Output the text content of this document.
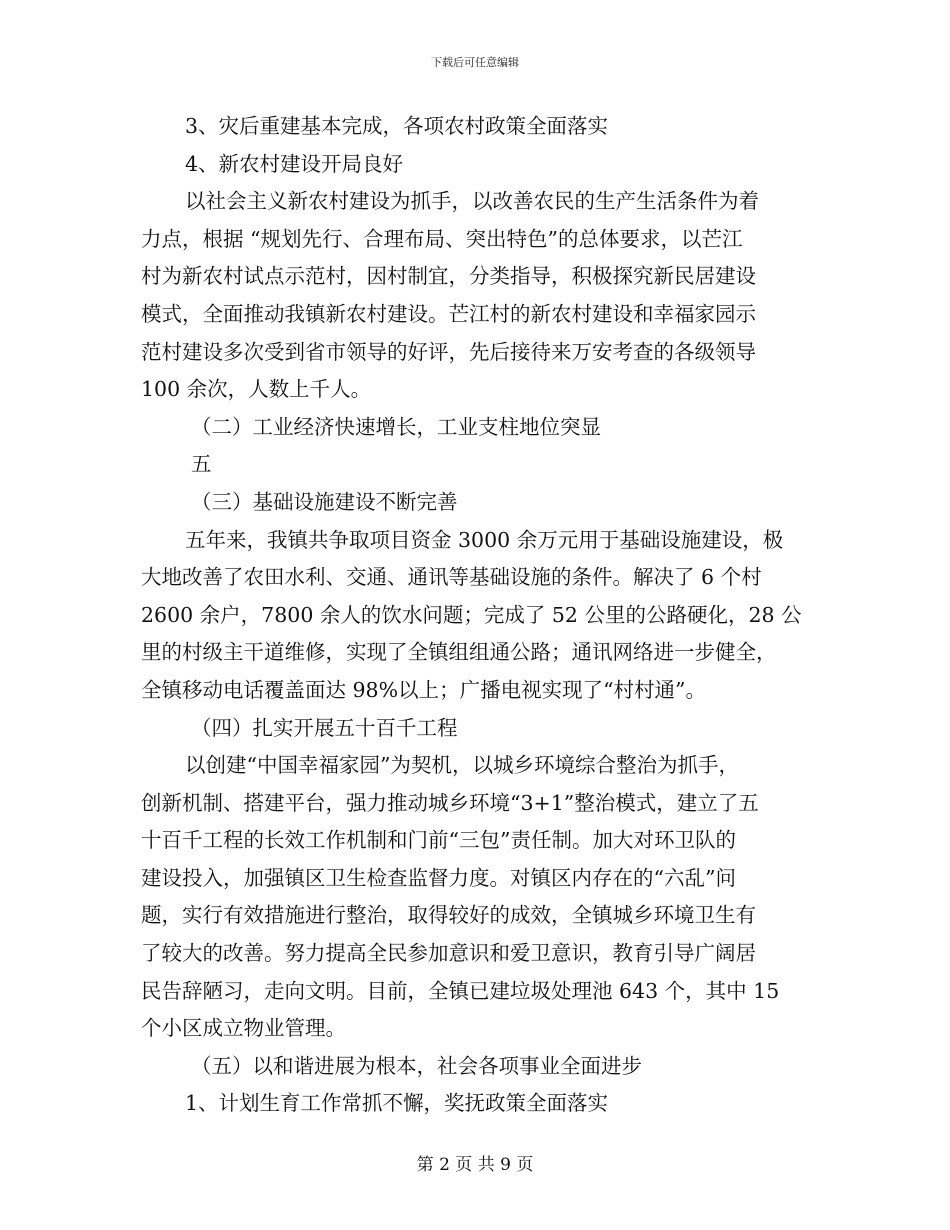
下载后可任意编辑
3、灾后重建基本完成，各项农村政策全面落实
4、新农村建设开局良好
以社会主义新农村建设为抓手，以改善农民的生产生活条件为着
力点，根据 “规划先行、合理布局、突出特色”的总体要求，以芒江
村为新农村试点示范村，因村制宜，分类指导，积极探究新民居建设
模式，全面推动我镇新农村建设。芒江村的新农村建设和幸福家园示
范村建设多次受到省市领导的好评，先后接待来万安考查的各级领导
100 余次，人数上千人。
（二）工业经济快速增长，工业支柱地位突显
五
（三）基础设施建设不断完善
五年来，我镇共争取项目资金 3000 余万元用于基础设施建设，极
大地改善了农田水利、交通、通讯等基础设施的条件。解决了 6 个村
2600 余户，7800 余人的饮水问题；完成了 52 公里的公路硬化，28 公
里的村级主干道维修，实现了全镇组组通公路；通讯网络进一步健全，
全镇移动电话覆盖面达 98%以上；广播电视实现了“村村通”。
（四）扎实开展五十百千工程
以创建“中国幸福家园”为契机，以城乡环境综合整治为抓手，
创新机制、搭建平台，强力推动城乡环境“3+1”整治模式，建立了五
十百千工程的长效工作机制和门前“三包”责任制。加大对环卫队的
建设投入，加强镇区卫生检查监督力度。对镇区内存在的“六乱”问
题，实行有效措施进行整治，取得较好的成效，全镇城乡环境卫生有
了较大的改善。努力提高全民参加意识和爱卫意识，教育引导广阔居
民告辞陋习，走向文明。目前，全镇已建垃圾处理池 643 个，其中 15
个小区成立物业管理。
（五）以和谐进展为根本，社会各项事业全面进步
1、计划生育工作常抓不懈，奖抚政策全面落实
第 2 页 共 9 页
